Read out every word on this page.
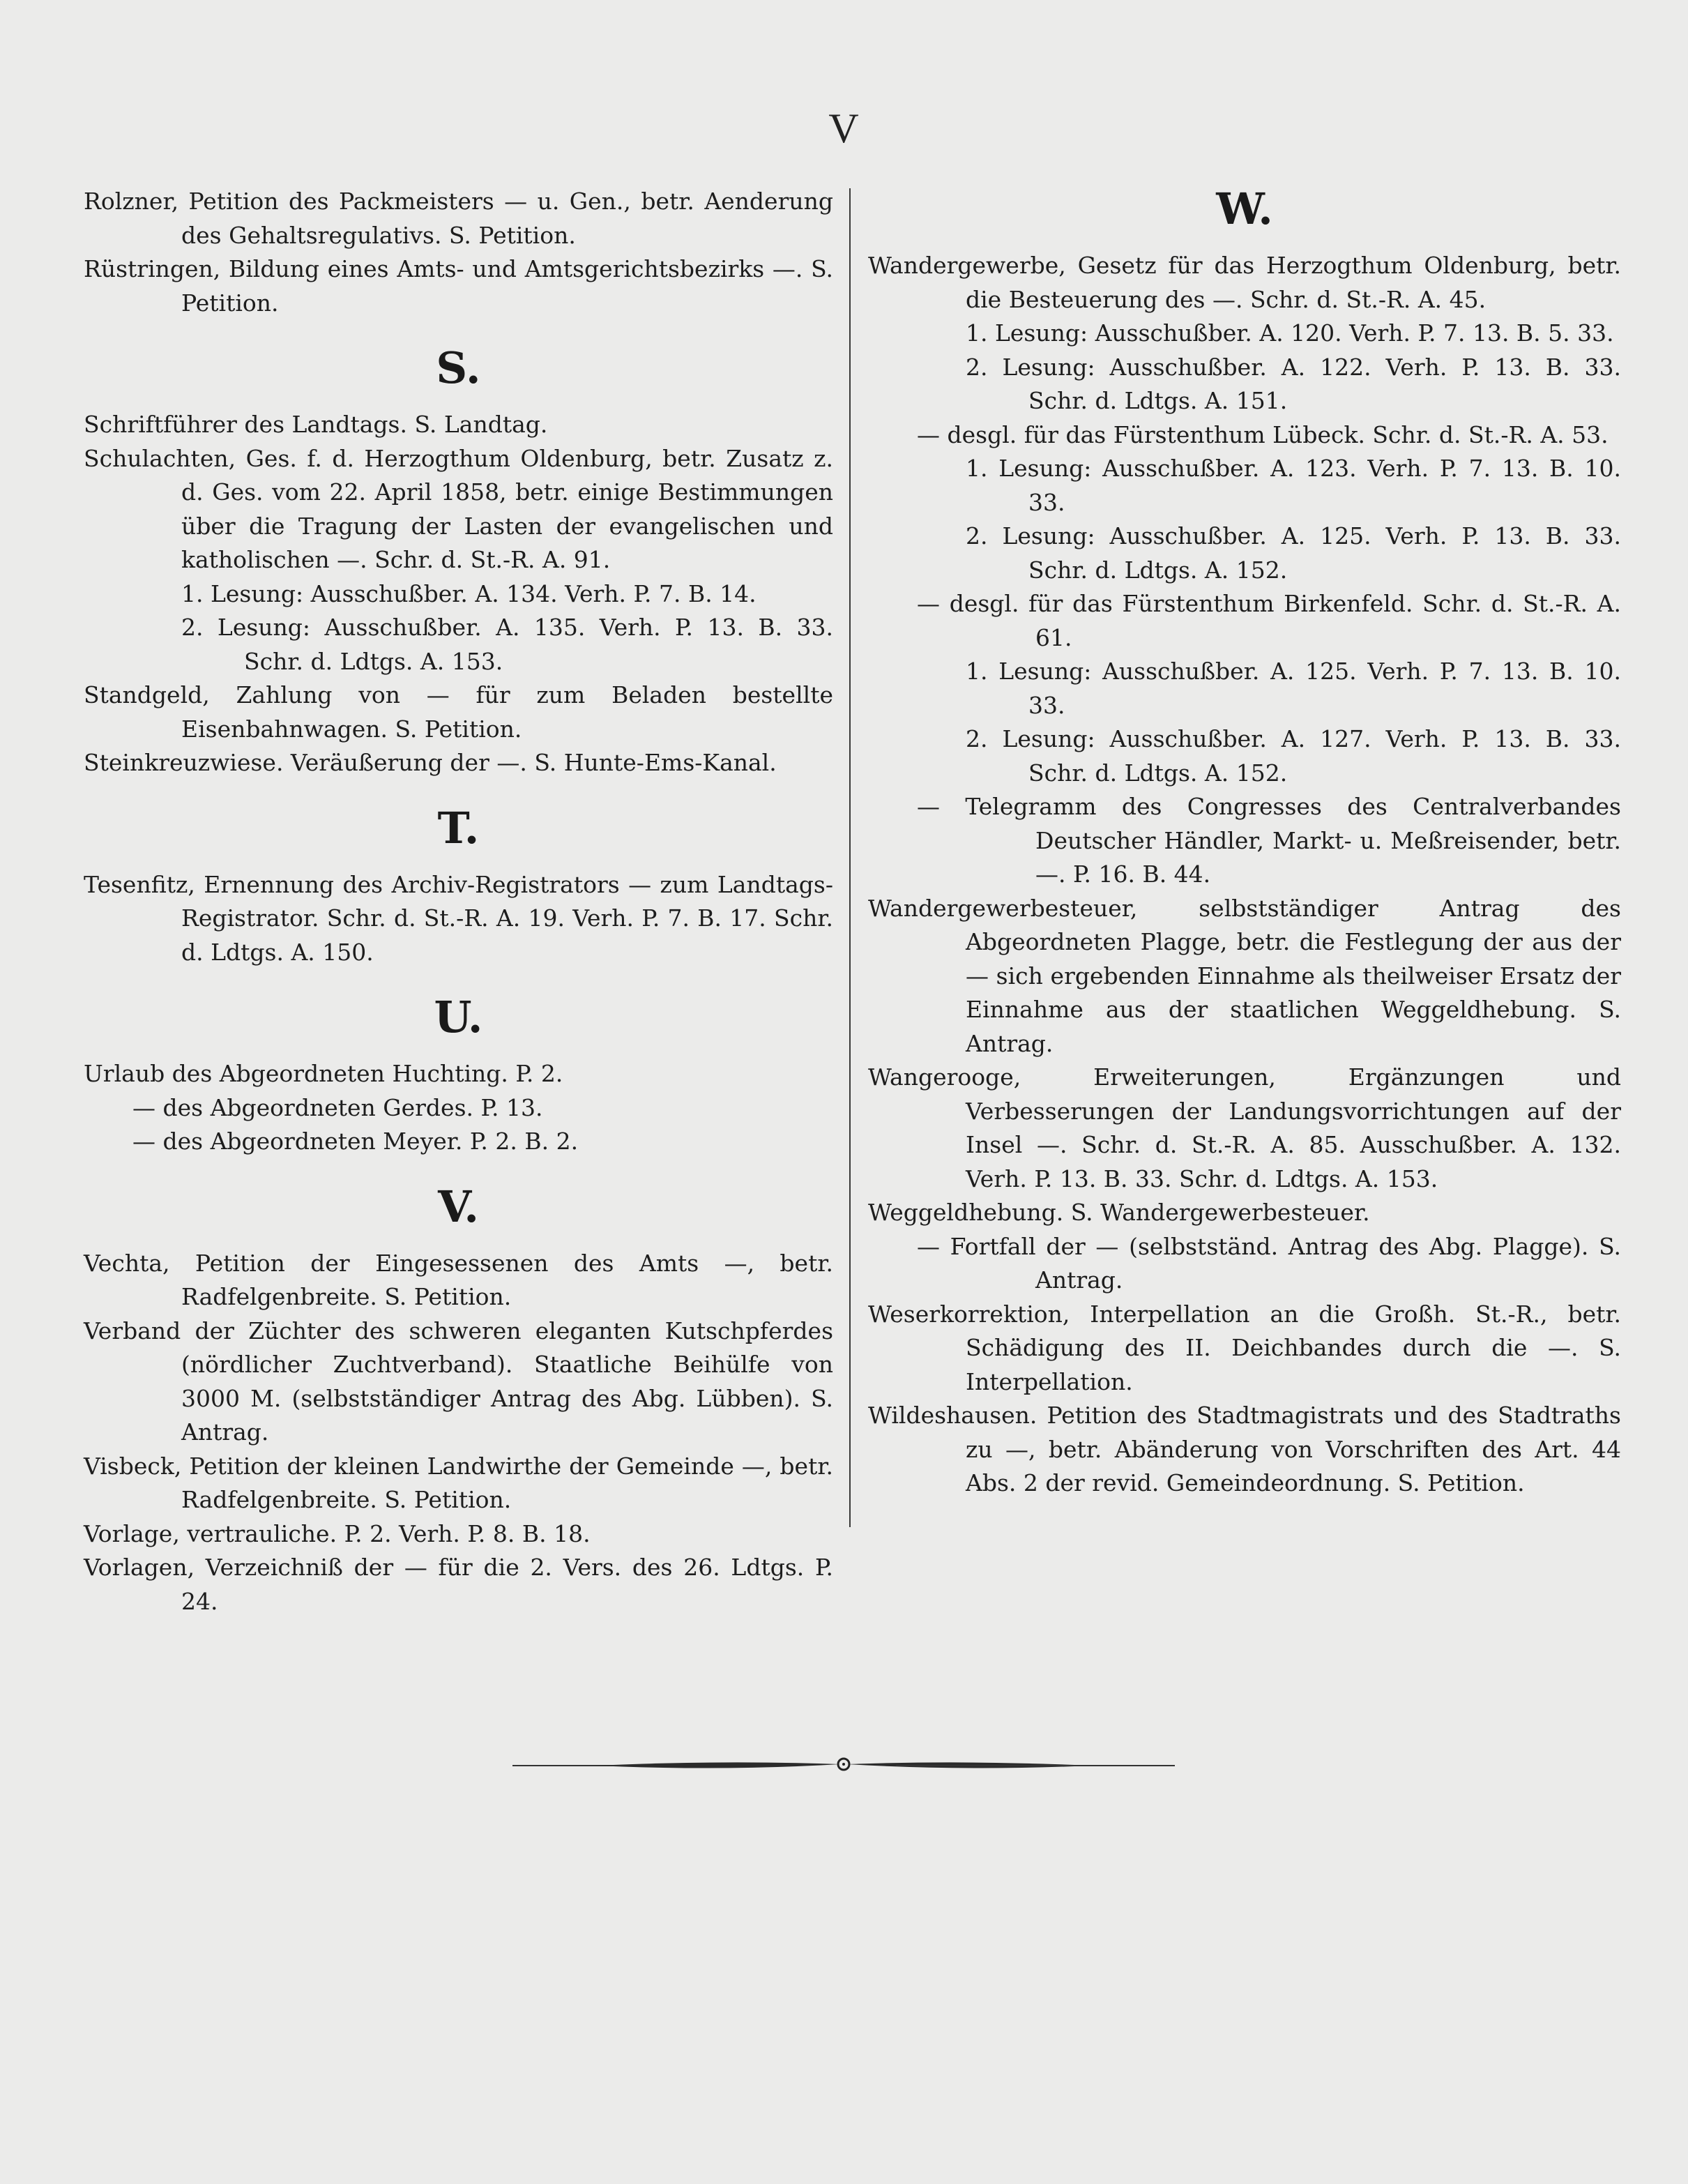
V
Rolzner, Petition des Packmeisters — u. Gen., betr. Aenderung des Gehaltsregulativs. S. Petition.
Rüstringen, Bildung eines Amts- und Amtsgerichtsbezirks —. S. Petition.
S.
Schriftführer des Landtags. S. Landtag.
Schulachten, Ges. f. d. Herzogthum Oldenburg, betr. Zusatz z. d. Ges. vom 22. April 1858, betr. einige Bestimmungen über die Tragung der Lasten der evangelischen und katholischen —. Schr. d. St.-R. A. 91.
1. Lesung: Ausschußber. A. 134. Verh. P. 7. B. 14.
2. Lesung: Ausschußber. A. 135. Verh. P. 13. B. 33. Schr. d. Ldtgs. A. 153.
Standgeld, Zahlung von — für zum Beladen bestellte Eisenbahnwagen. S. Petition.
Steinkreuzwiese. Veräußerung der —. S. Hunte-Ems-Kanal.
T.
Tesenfitz, Ernennung des Archiv-Registrators — zum Landtags-Registrator. Schr. d. St.-R. A. 19. Verh. P. 7. B. 17. Schr. d. Ldtgs. A. 150.
U.
Urlaub des Abgeordneten Huchting. P. 2.
— des Abgeordneten Gerdes. P. 13.
— des Abgeordneten Meyer. P. 2. B. 2.
V.
Vechta, Petition der Eingesessenen des Amts —, betr. Radfelgenbreite. S. Petition.
Verband der Züchter des schweren eleganten Kutschpferdes (nördlicher Zuchtverband). Staatliche Beihülfe von 3000 M. (selbstständiger Antrag des Abg. Lübben). S. Antrag.
Visbeck, Petition der kleinen Landwirthe der Gemeinde —, betr. Radfelgenbreite. S. Petition.
Vorlage, vertrauliche. P. 2. Verh. P. 8. B. 18.
Vorlagen, Verzeichniß der — für die 2. Vers. des 26. Ldtgs. P. 24.
W.
Wandergewerbe, Gesetz für das Herzogthum Oldenburg, betr. die Besteuerung des —. Schr. d. St.-R. A. 45.
1. Lesung: Ausschußber. A. 120. Verh. P. 7. 13. B. 5. 33.
2. Lesung: Ausschußber. A. 122. Verh. P. 13. B. 33. Schr. d. Ldtgs. A. 151.
— desgl. für das Fürstenthum Lübeck. Schr. d. St.-R. A. 53.
1. Lesung: Ausschußber. A. 123. Verh. P. 7. 13. B. 10. 33.
2. Lesung: Ausschußber. A. 125. Verh. P. 13. B. 33. Schr. d. Ldtgs. A. 152.
— desgl. für das Fürstenthum Birkenfeld. Schr. d. St.-R. A. 61.
1. Lesung: Ausschußber. A. 125. Verh. P. 7. 13. B. 10. 33.
2. Lesung: Ausschußber. A. 127. Verh. P. 13. B. 33. Schr. d. Ldtgs. A. 152.
— Telegramm des Congresses des Centralverbandes Deutscher Händler, Markt- u. Meßreisender, betr. —. P. 16. B. 44.
Wandergewerbesteuer, selbstständiger Antrag des Abgeordneten Plagge, betr. die Festlegung der aus der — sich ergebenden Einnahme als theilweiser Ersatz der Einnahme aus der staatlichen Weggeldhebung. S. Antrag.
Wangerooge, Erweiterungen, Ergänzungen und Verbesserungen der Landungsvorrichtungen auf der Insel —. Schr. d. St.-R. A. 85. Ausschußber. A. 132. Verh. P. 13. B. 33. Schr. d. Ldtgs. A. 153.
Weggeldhebung. S. Wandergewerbesteuer.
— Fortfall der — (selbstständ. Antrag des Abg. Plagge). S. Antrag.
Weserkorrektion, Interpellation an die Großh. St.-R., betr. Schädigung des II. Deichbandes durch die —. S. Interpellation.
Wildeshausen. Petition des Stadtmagistrats und des Stadtraths zu —, betr. Abänderung von Vorschriften des Art. 44 Abs. 2 der revid. Gemeindeordnung. S. Petition.
